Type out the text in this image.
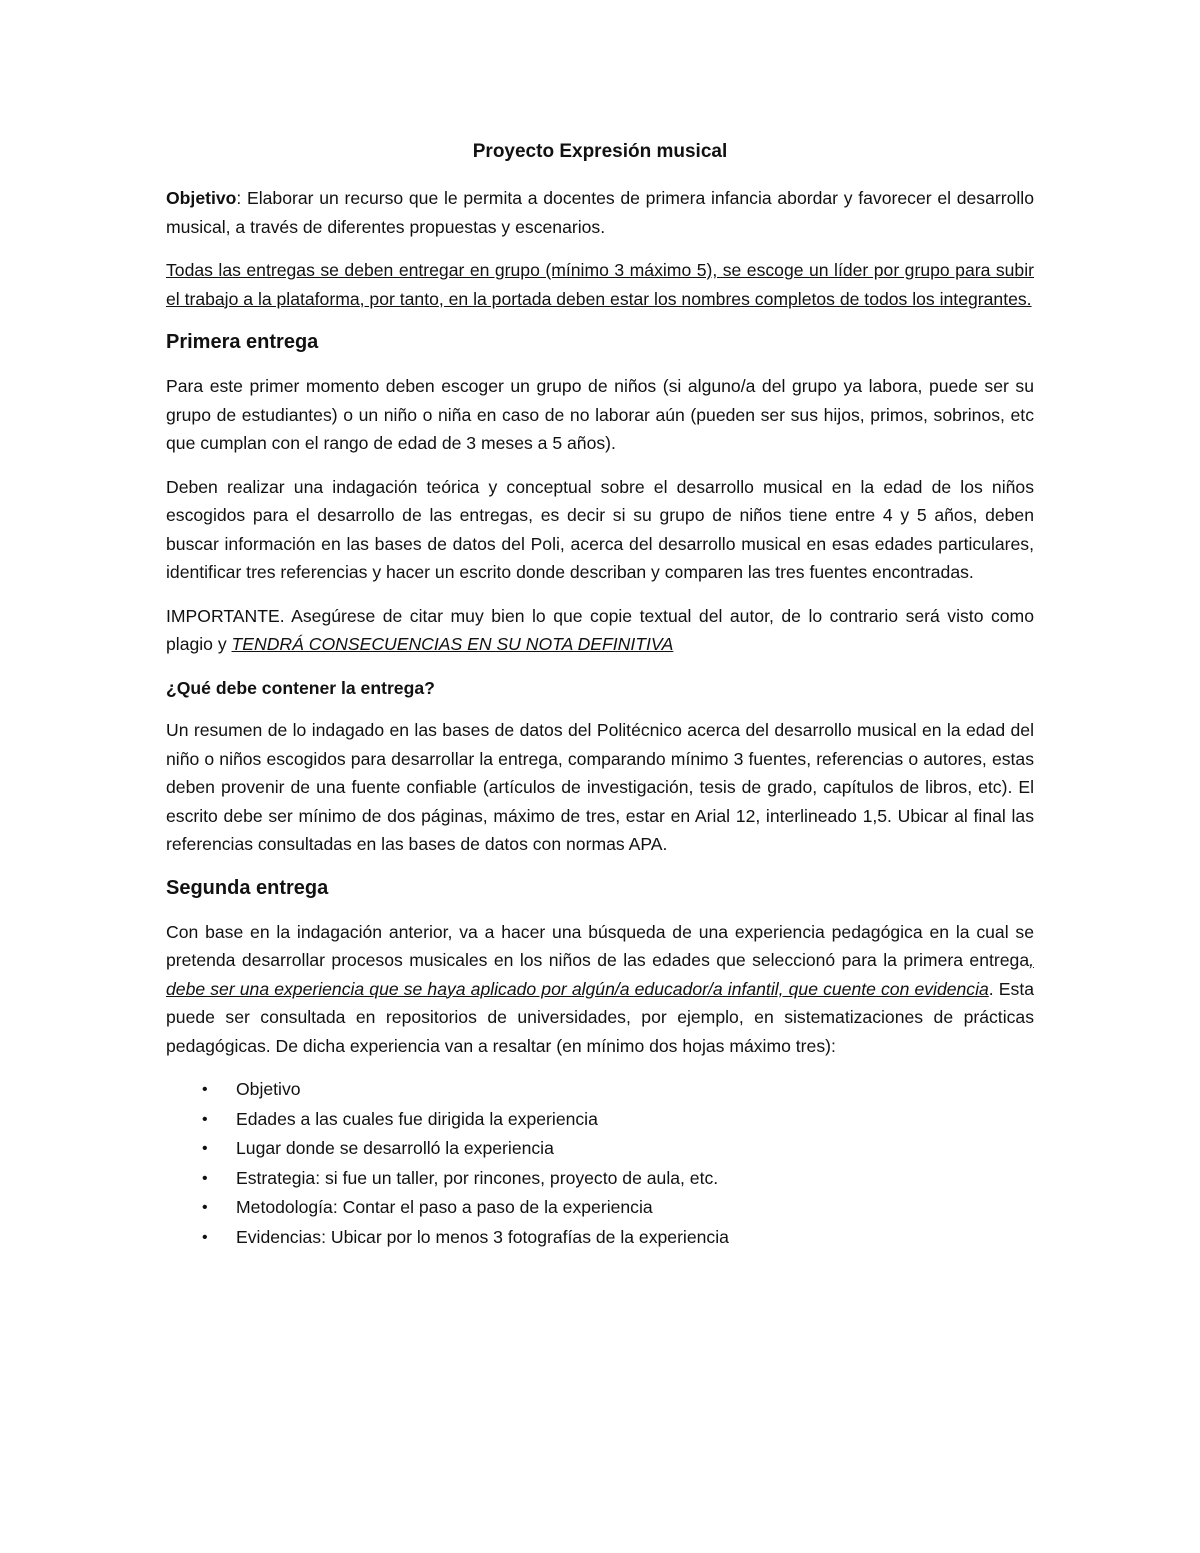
Proyecto Expresión musical

Objetivo: Elaborar un recurso que le permita a docentes de primera infancia abordar y favorecer el desarrollo musical, a través de diferentes propuestas y escenarios.

Todas las entregas se deben entregar en grupo (mínimo 3 máximo 5), se escoge un líder por grupo para subir el trabajo a la plataforma, por tanto, en la portada deben estar los nombres completos de todos los integrantes.

Primera entrega

Para este primer momento deben escoger un grupo de niños (si alguno/a del grupo ya labora, puede ser su grupo de estudiantes) o un niño o niña en caso de no laborar aún (pueden ser sus hijos, primos, sobrinos, etc que cumplan con el rango de edad de 3 meses a 5 años).

Deben realizar una indagación teórica y conceptual sobre el desarrollo musical en la edad de los niños escogidos para el desarrollo de las entregas, es decir si su grupo de niños tiene entre 4 y 5 años, deben buscar información en las bases de datos del Poli, acerca del desarrollo musical en esas edades particulares, identificar tres referencias y hacer un escrito donde describan y comparen las tres fuentes encontradas.

IMPORTANTE. Asegúrese de citar muy bien lo que copie textual del autor, de lo contrario será visto como plagio y TENDRÁ CONSECUENCIAS EN SU NOTA DEFINITIVA

¿Qué debe contener la entrega?

Un resumen de lo indagado en las bases de datos del Politécnico acerca del desarrollo musical en la edad del niño o niños escogidos para desarrollar la entrega, comparando mínimo 3 fuentes, referencias o autores, estas deben provenir de una fuente confiable (artículos de investigación, tesis de grado, capítulos de libros, etc). El escrito debe ser mínimo de dos páginas, máximo de tres, estar en Arial 12, interlineado 1,5. Ubicar al final las referencias consultadas en las bases de datos con normas APA.

Segunda entrega

Con base en la indagación anterior, va a hacer una búsqueda de una experiencia pedagógica en la cual se pretenda desarrollar procesos musicales en los niños de las edades que seleccionó para la primera entrega, debe ser una experiencia que se haya aplicado por algún/a educador/a infantil, que cuente con evidencia. Esta puede ser consultada en repositorios de universidades, por ejemplo, en sistematizaciones de prácticas pedagógicas. De dicha experiencia van a resaltar (en mínimo dos hojas máximo tres):

• Objetivo
• Edades a las cuales fue dirigida la experiencia
• Lugar donde se desarrolló la experiencia
• Estrategia: si fue un taller, por rincones, proyecto de aula, etc.
• Metodología: Contar el paso a paso de la experiencia
• Evidencias: Ubicar por lo menos 3 fotografías de la experiencia
